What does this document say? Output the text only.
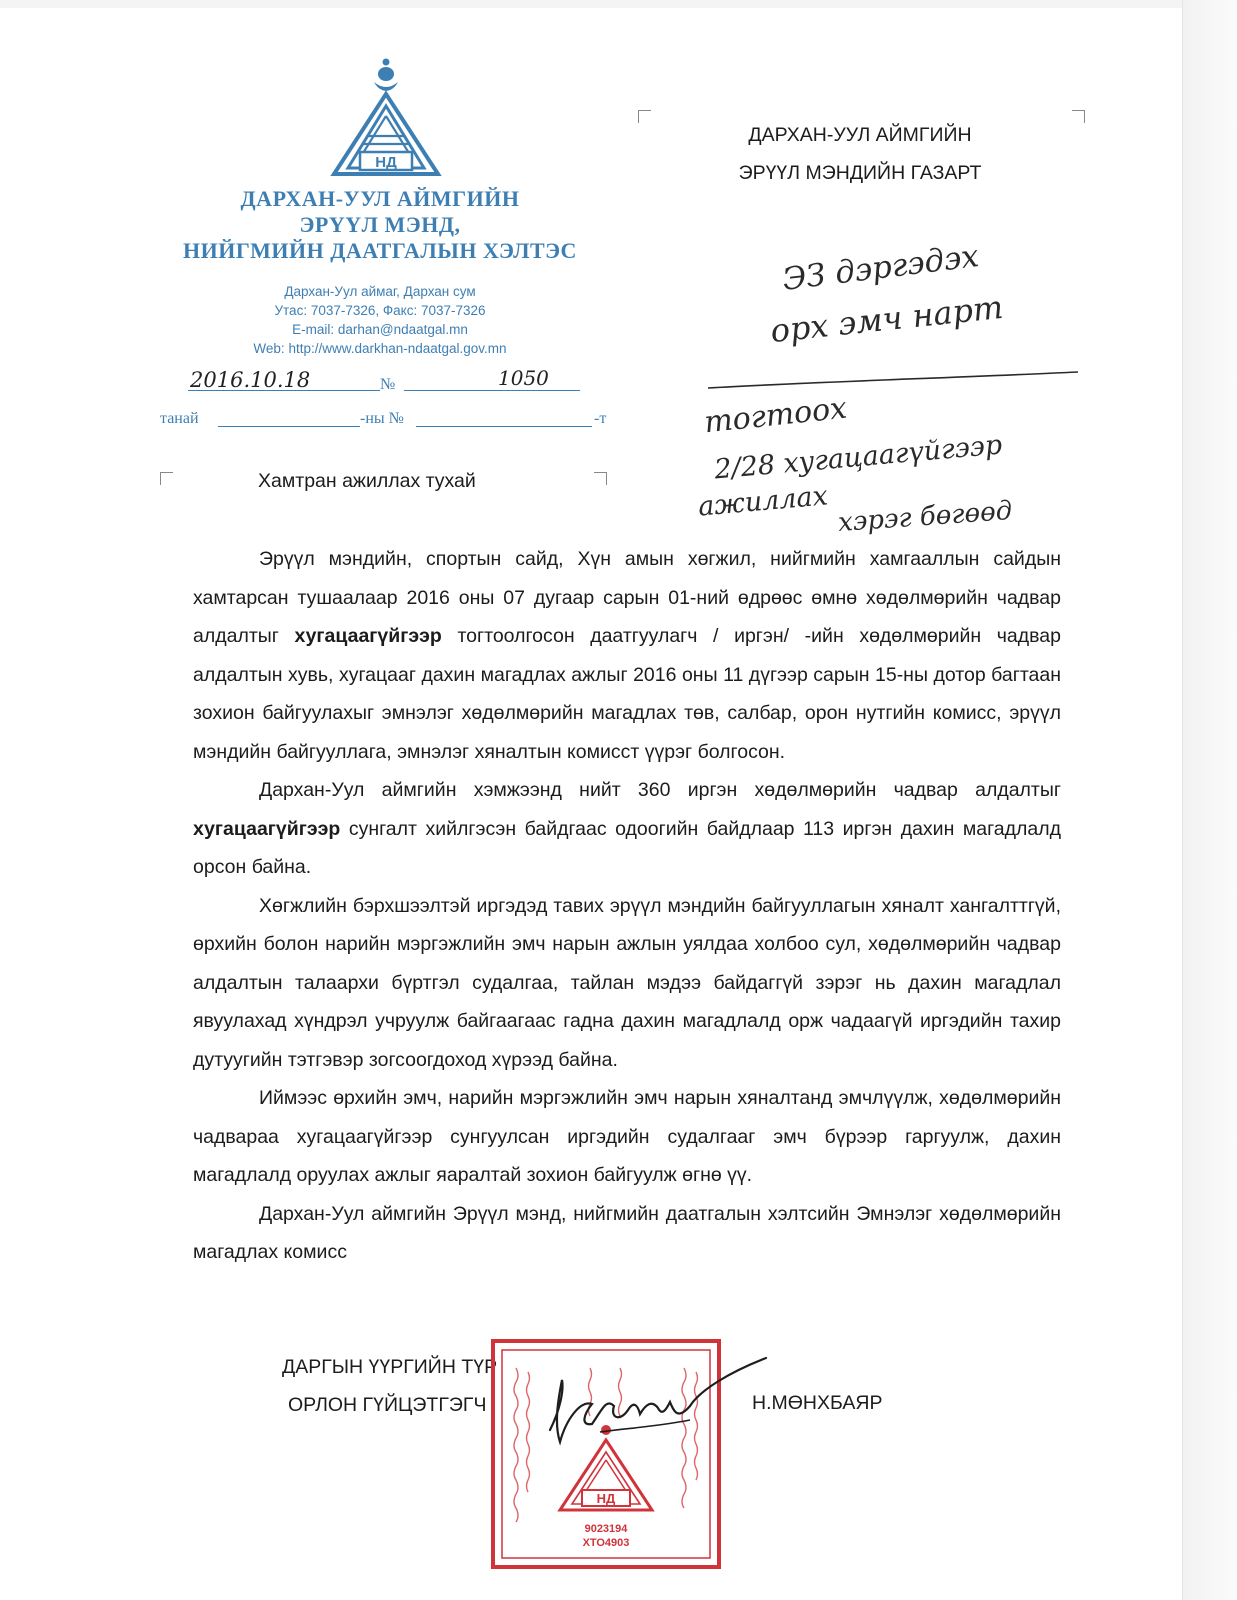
НД
ДАРХАН-УУЛ АЙМГИЙН
ЭРҮҮЛ МЭНД,
НИЙГМИЙН ДААТГАЛЫН ХЭЛТЭС
Дархан-Уул аймаг, Дархан сум
Утас: 7037-7326, Факс: 7037-7326
E-mail: darhan@ndaatgal.mn
Web: http://www.darkhan-ndaatgal.gov.mn
2016.10.18	№	1050
танай	-ны №	-т
ДАРХАН-УУЛ АЙМГИЙН
ЭРҮҮЛ МЭНДИЙН ГАЗАРТ
ЭЗ дэргэдэх
орх эмч нарт
тогтоох
2/28 хугацаагүйгээр
ажиллах хэрэг бөгөөд
Хамтран ажиллах тухай

Эрүүл мэндийн, спортын сайд, Хүн амын хөгжил, нийгмийн хамгааллын сайдын хамтарсан тушаалаар 2016 оны 07 дугаар сарын 01-ний өдрөөс өмнө хөдөлмөрийн чадвар алдалтыг хугацаагүйгээр тогтоолгосон даатгуулагч / иргэн/ -ийн хөдөлмөрийн чадвар алдалтын хувь, хугацааг дахин магадлах ажлыг 2016 оны 11 дүгээр сарын 15-ны дотор багтаан зохион байгуулахыг эмнэлэг хөдөлмөрийн магадлах төв, салбар, орон нутгийн комисс, эрүүл мэндийн байгууллага, эмнэлэг хяналтын комисст үүрэг болгосон.

Дархан-Уул аймгийн хэмжээнд нийт 360 иргэн хөдөлмөрийн чадвар алдалтыг хугацаагүйгээр сунгалт хийлгэсэн байдгаас одоогийн байдлаар 113 иргэн дахин магадлалд орсон байна.

Хөгжлийн бэрхшээлтэй иргэдэд тавих эрүүл мэндийн байгууллагын хяналт хангалттгүй, өрхийн болон нарийн мэргэжлийн эмч нарын ажлын уялдаа холбоо сул, хөдөлмөрийн чадвар алдалтын талаархи бүртгэл судалгаа, тайлан мэдээ байдаггүй зэрэг нь дахин магадлал явуулахад хүндрэл учруулж байгаагаас гадна дахин магадлалд орж чадаагүй иргэдийн тахир дутуугийн тэтгэвэр зогсоогдоход хүрээд байна.

Иймээс өрхийн эмч, нарийн мэргэжлийн эмч нарын хяналтанд эмчлүүлж, хөдөлмөрийн чадвараа хугацаагүйгээр сунгуулсан иргэдийн судалгааг эмч бүрээр гаргуулж, дахин магадлалд оруулах ажлыг яаралтай зохион байгуулж өгнө үү.

Дархан-Уул аймгийн Эрүүл мэнд, нийгмийн даатгалын хэлтсийн Эмнэлэг хөдөлмөрийн магадлах комисс

ДАРГЫН ҮҮРГИЙН ТҮР
ОРЛОН ГҮЙЦЭТГЭГЧ	Н.МӨНХБАЯР
НД
9023194
ХТО4903
